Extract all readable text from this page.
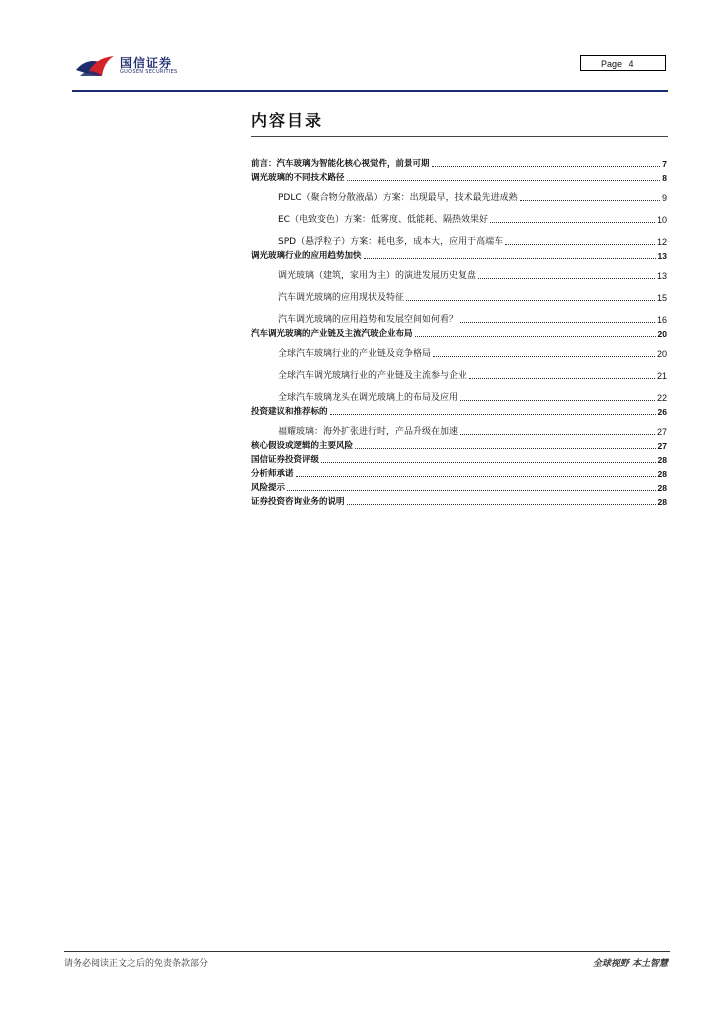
国信证券
GUOSEN SECURITIES
Page 4
内容目录
前言：汽车玻璃为智能化核心视觉件，前景可期	7
调光玻璃的不同技术路径	8
PDLC（聚合物分散液晶）方案：出现最早，技术最先进成熟	9
EC（电致变色）方案：低雾度、低能耗、隔热效果好	10
SPD（悬浮粒子）方案：耗电多，成本大，应用于高端车	12
调光玻璃行业的应用趋势加快	13
调光玻璃（建筑，家用为主）的演进发展历史复盘	13
汽车调光玻璃的应用现状及特征	15
汽车调光玻璃的应用趋势和发展空间如何看？	16
汽车调光玻璃的产业链及主流汽玻企业布局	20
全球汽车玻璃行业的产业链及竞争格局	20
全球汽车调光玻璃行业的产业链及主流参与企业	21
全球汽车玻璃龙头在调光玻璃上的布局及应用	22
投资建议和推荐标的	26
福耀玻璃：海外扩张进行时，产品升级在加速	27
核心假设或逻辑的主要风险	27
国信证券投资评级	28
分析师承诺	28
风险提示	28
证券投资咨询业务的说明	28
请务必阅读正文之后的免责条款部分	全球视野 本土智慧
